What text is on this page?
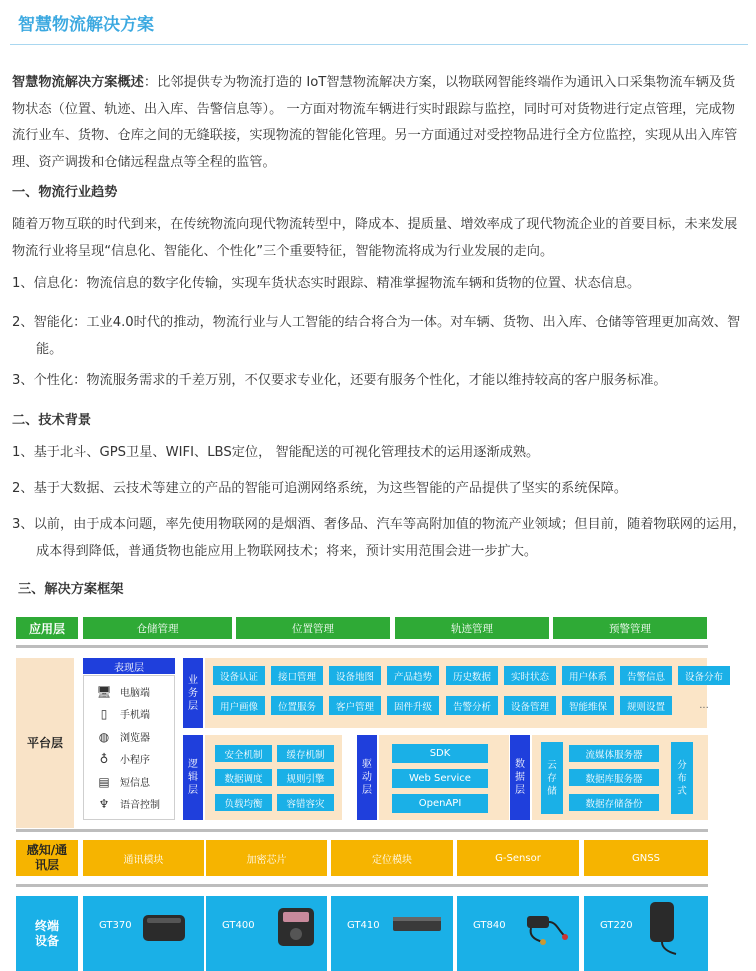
智慧物流解决方案
智慧物流解决方案概述：比邻提供专为物流打造的 IoT智慧物流解决方案，以物联网智能终端作为通讯入口采集物流车辆及货物状态（位置、轨迹、出入库、告警信息等）。 一方面对物流车辆进行实时跟踪与监控，同时可对货物进行定点管理，完成物流行业车、货物、仓库之间的无缝联接，实现物流的智能化管理。另一方面通过对受控物品进行全方位监控，实现从出入库管理、资产调拨和仓储远程盘点等全程的监管。
一、物流行业趋势
随着万物互联的时代到来，在传统物流向现代物流转型中，降成本、提质量、增效率成了现代物流企业的首要目标，未来发展物流行业将呈现“信息化、智能化、个性化”三个重要特征，智能物流将成为行业发展的走向。
1、信息化：物流信息的数字化传输，实现车货状态实时跟踪、精准掌握物流车辆和货物的位置、状态信息。
2、智能化：工业4.0时代的推动，物流行业与人工智能的结合将合为一体。对车辆、货物、出入库、仓储等管理更加高效、智能。
3、个性化：物流服务需求的千差万别，不仅要求专业化，还要有服务个性化，才能以维持较高的客户服务标准。
二、技术背景
1、基于北斗、GPS卫星、WIFI、LBS定位， 智能配送的可视化管理技术的运用逐渐成熟。
2、基于大数据、云技术等建立的产品的智能可追溯网络系统，为这些智能的产品提供了坚实的系统保障。
3、以前，由于成本问题，率先使用物联网的是烟酒、奢侈品、汽车等高附加值的物流产业领域；但目前，随着物联网的运用，成本得到降低，普通货物也能应用上物联网技术；将来，预计实用范围会进一步扩大。
三、解决方案框架
应用层	仓储管理	位置管理	轨迹管理	预警管理
平台层
表现层
🖥 电脑端
▯	手机端
◍ 浏览器
♁	小程序
▤ 短信息
♆ 语音控制
业务层
逻辑层
安全机制	缓存机制
数据调度	规则引擎
负载均衡	容错容灾
驱动层
SDK
Web Service
OpenAPI
数据层
云存储
流媒体服务器
数据库服务器
数据存储备份
分布式
感知/通讯层	通讯模块	加密芯片	定位模块	G-Sensor	GNSS
终端设备
GT370	GT400	GT410	GT840	GT220
设备认证	接口管理	设备地图	产品趋势	历史数据	实时状态	用户体系	告警信息	设备分布
用户画像	位置服务	客户管理	固件升级	告警分析	设备管理	智能维保	规则设置	...
